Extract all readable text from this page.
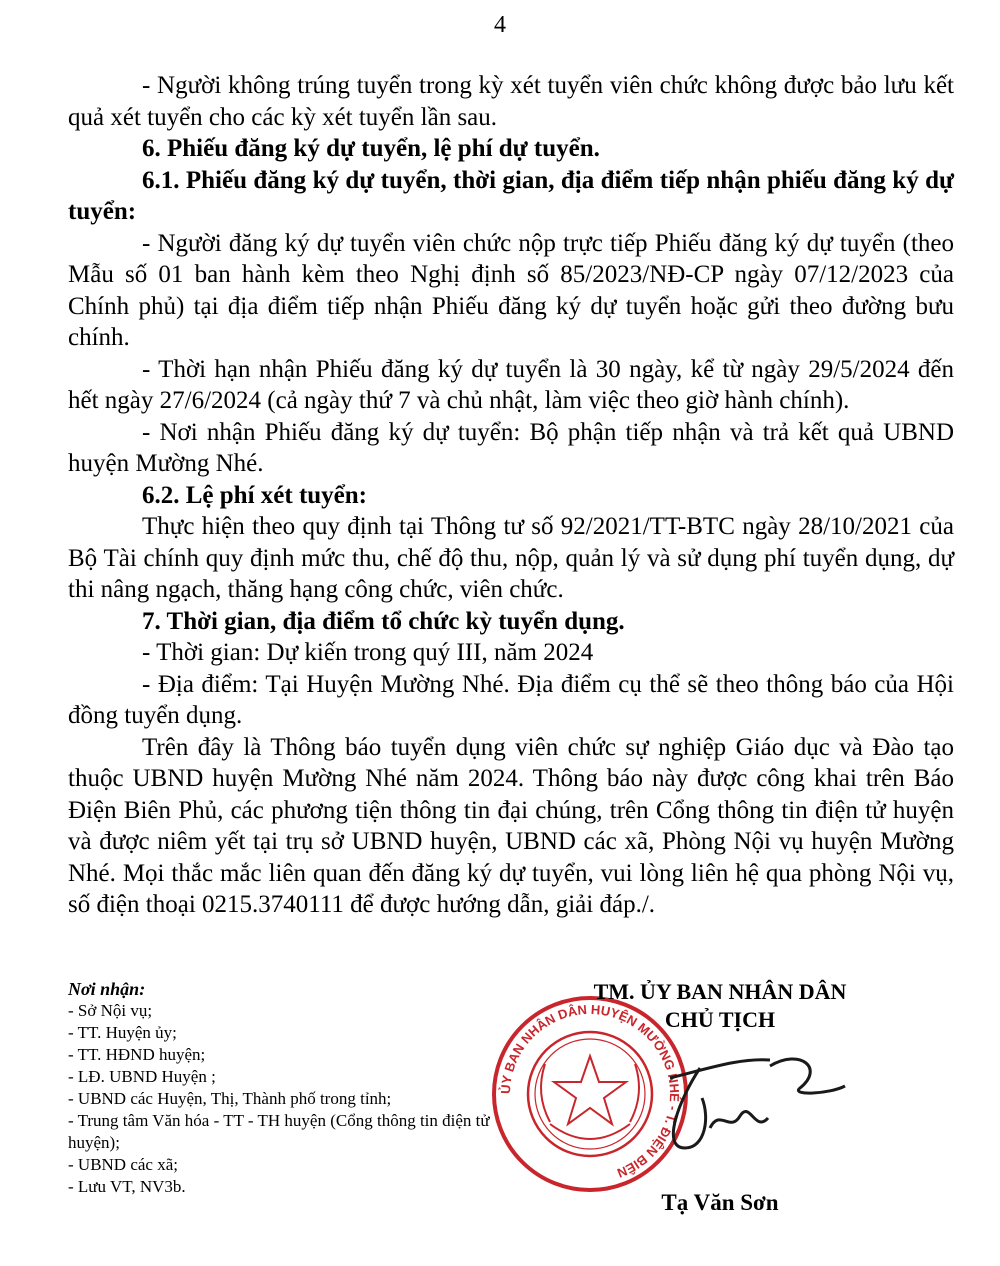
4

- Người không trúng tuyển trong kỳ xét tuyển viên chức không được bảo lưu kết quả xét tuyển cho các kỳ xét tuyển lần sau.

6. Phiếu đăng ký dự tuyển, lệ phí dự tuyển.

6.1. Phiếu đăng ký dự tuyển, thời gian, địa điểm tiếp nhận phiếu đăng ký dự tuyển:

- Người đăng ký dự tuyển viên chức nộp trực tiếp Phiếu đăng ký dự tuyển (theo Mẫu số 01 ban hành kèm theo Nghị định số 85/2023/NĐ-CP ngày 07/12/2023 của Chính phủ) tại địa điểm tiếp nhận Phiếu đăng ký dự tuyển hoặc gửi theo đường bưu chính.

- Thời hạn nhận Phiếu đăng ký dự tuyển là 30 ngày, kể từ ngày 29/5/2024 đến hết ngày 27/6/2024 (cả ngày thứ 7 và chủ nhật, làm việc theo giờ hành chính).

- Nơi nhận Phiếu đăng ký dự tuyển: Bộ phận tiếp nhận và trả kết quả UBND huyện Mường Nhé.

6.2. Lệ phí xét tuyển:

Thực hiện theo quy định tại Thông tư số 92/2021/TT-BTC ngày 28/10/2021 của Bộ Tài chính quy định mức thu, chế độ thu, nộp, quản lý và sử dụng phí tuyển dụng, dự thi nâng ngạch, thăng hạng công chức, viên chức.

7. Thời gian, địa điểm tổ chức kỳ tuyển dụng.

- Thời gian: Dự kiến trong quý III, năm 2024

- Địa điểm: Tại Huyện Mường Nhé. Địa điểm cụ thể sẽ theo thông báo của Hội đồng tuyển dụng.

Trên đây là Thông báo tuyển dụng viên chức sự nghiệp Giáo dục và Đào tạo thuộc UBND huyện Mường Nhé năm 2024. Thông báo này được công khai trên Báo Điện Biên Phủ, các phương tiện thông tin đại chúng, trên Cổng thông tin điện tử huyện và được niêm yết tại trụ sở UBND huyện, UBND các xã, Phòng Nội vụ huyện Mường Nhé. Mọi thắc mắc liên quan đến đăng ký dự tuyển, vui lòng liên hệ qua phòng Nội vụ, số điện thoại 0215.3740111 để được hướng dẫn, giải đáp./.

Nơi nhận:

- Sở Nội vụ;

- TT. Huyện ủy;

- TT. HĐND huyện;

- LĐ. UBND Huyện ;

- UBND các Huyện, Thị, Thành phố trong tỉnh;

- Trung tâm Văn hóa - TT - TH huyện (Cổng thông tin điện tử huyện);

- UBND các xã;

- Lưu VT, NV3b.

ỦY BAN NHÂN DÂN HUYỆN MƯỜNG NHÉ - T. ĐIỆN BIÊN

TM. ỦY BAN NHÂN DÂN

CHỦ TỊCH

Tạ Văn Sơn
